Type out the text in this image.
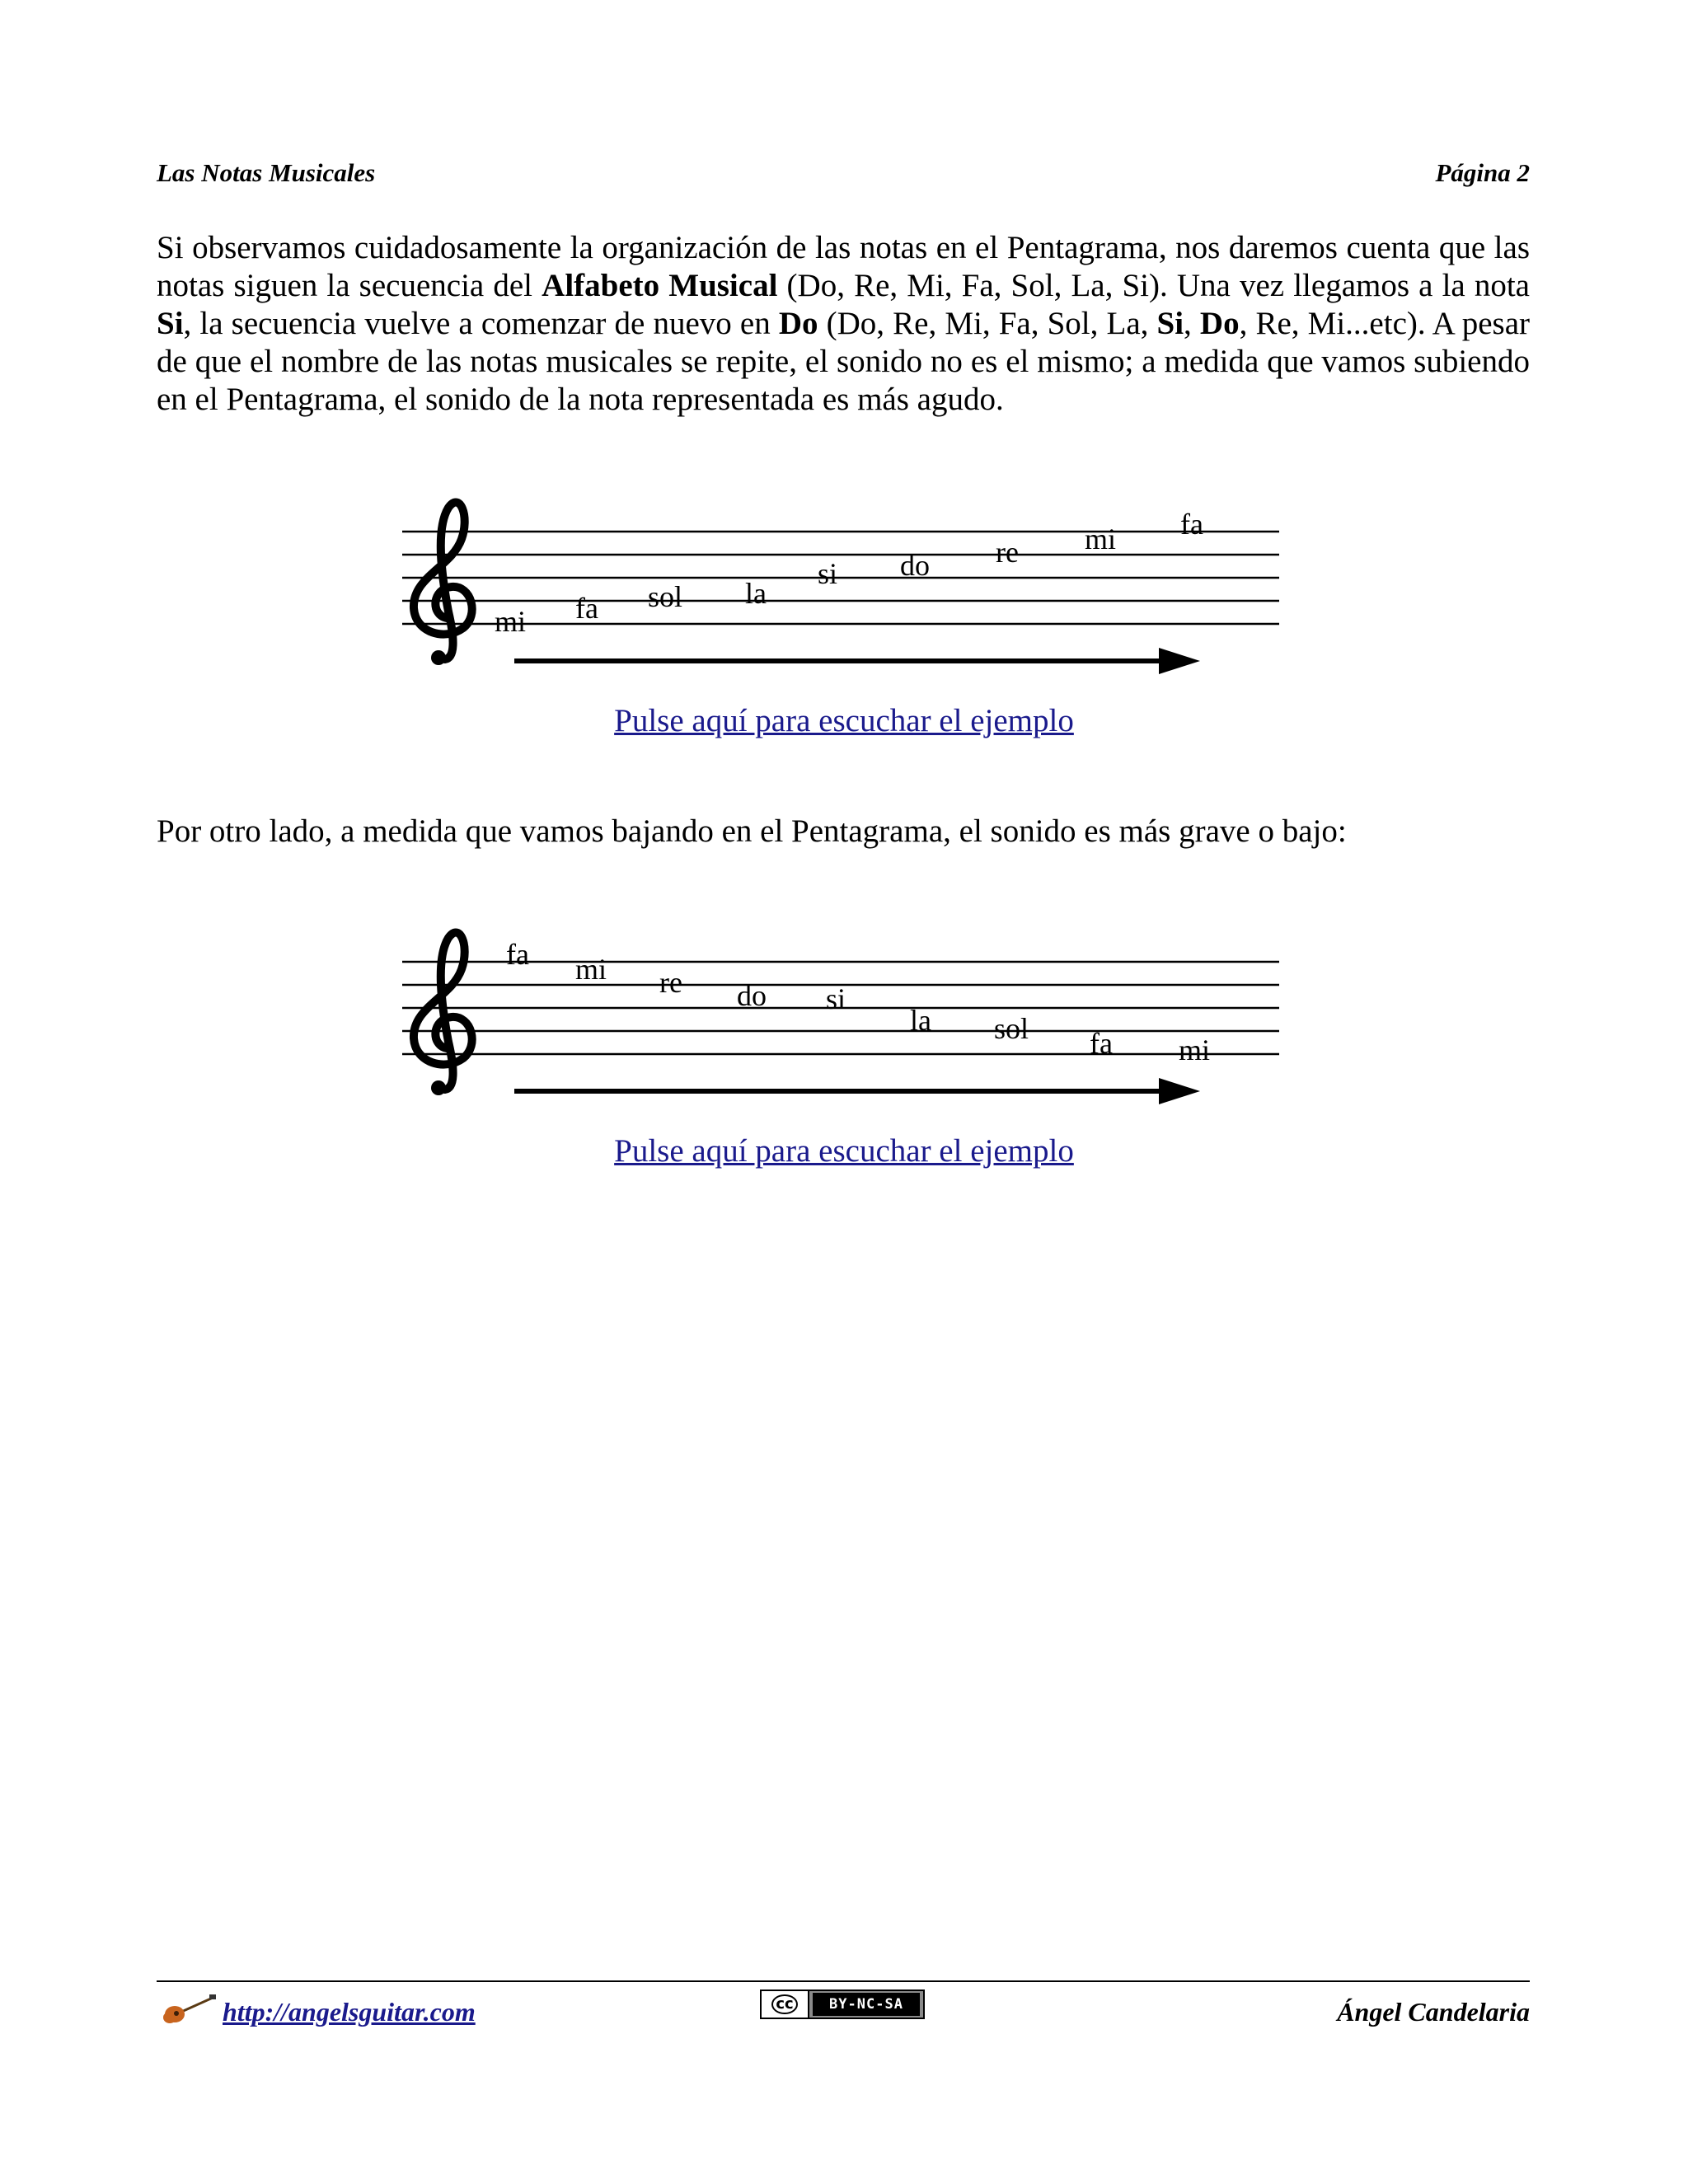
Las Notas Musicales	Página 2

Si observamos cuidadosamente la organización de las notas en el Pentagrama, nos daremos cuenta que las notas siguen la secuencia del Alfabeto Musical (Do, Re, Mi, Fa, Sol, La, Si). Una vez llegamos a la nota Si, la secuencia vuelve a comenzar de nuevo en Do (Do, Re, Mi, Fa, Sol, La, Si, Do, Re, Mi...etc). A pesar de que el nombre de las notas musicales se repite, el sonido no es el mismo; a medida que vamos subiendo en el Pentagrama, el sonido de la nota representada es más agudo.

mi fa sol la
si do re mi fa
Pulse aquí para escuchar el ejemplo

Por otro lado, a medida que vamos bajando en el Pentagrama, el sonido es más grave o bajo:

fa mi re do si
la sol fa mi
Pulse aquí para escuchar el ejemplo
http://angelsguitar.com	cc	BY-NC-SA	Ángel Candelaria
